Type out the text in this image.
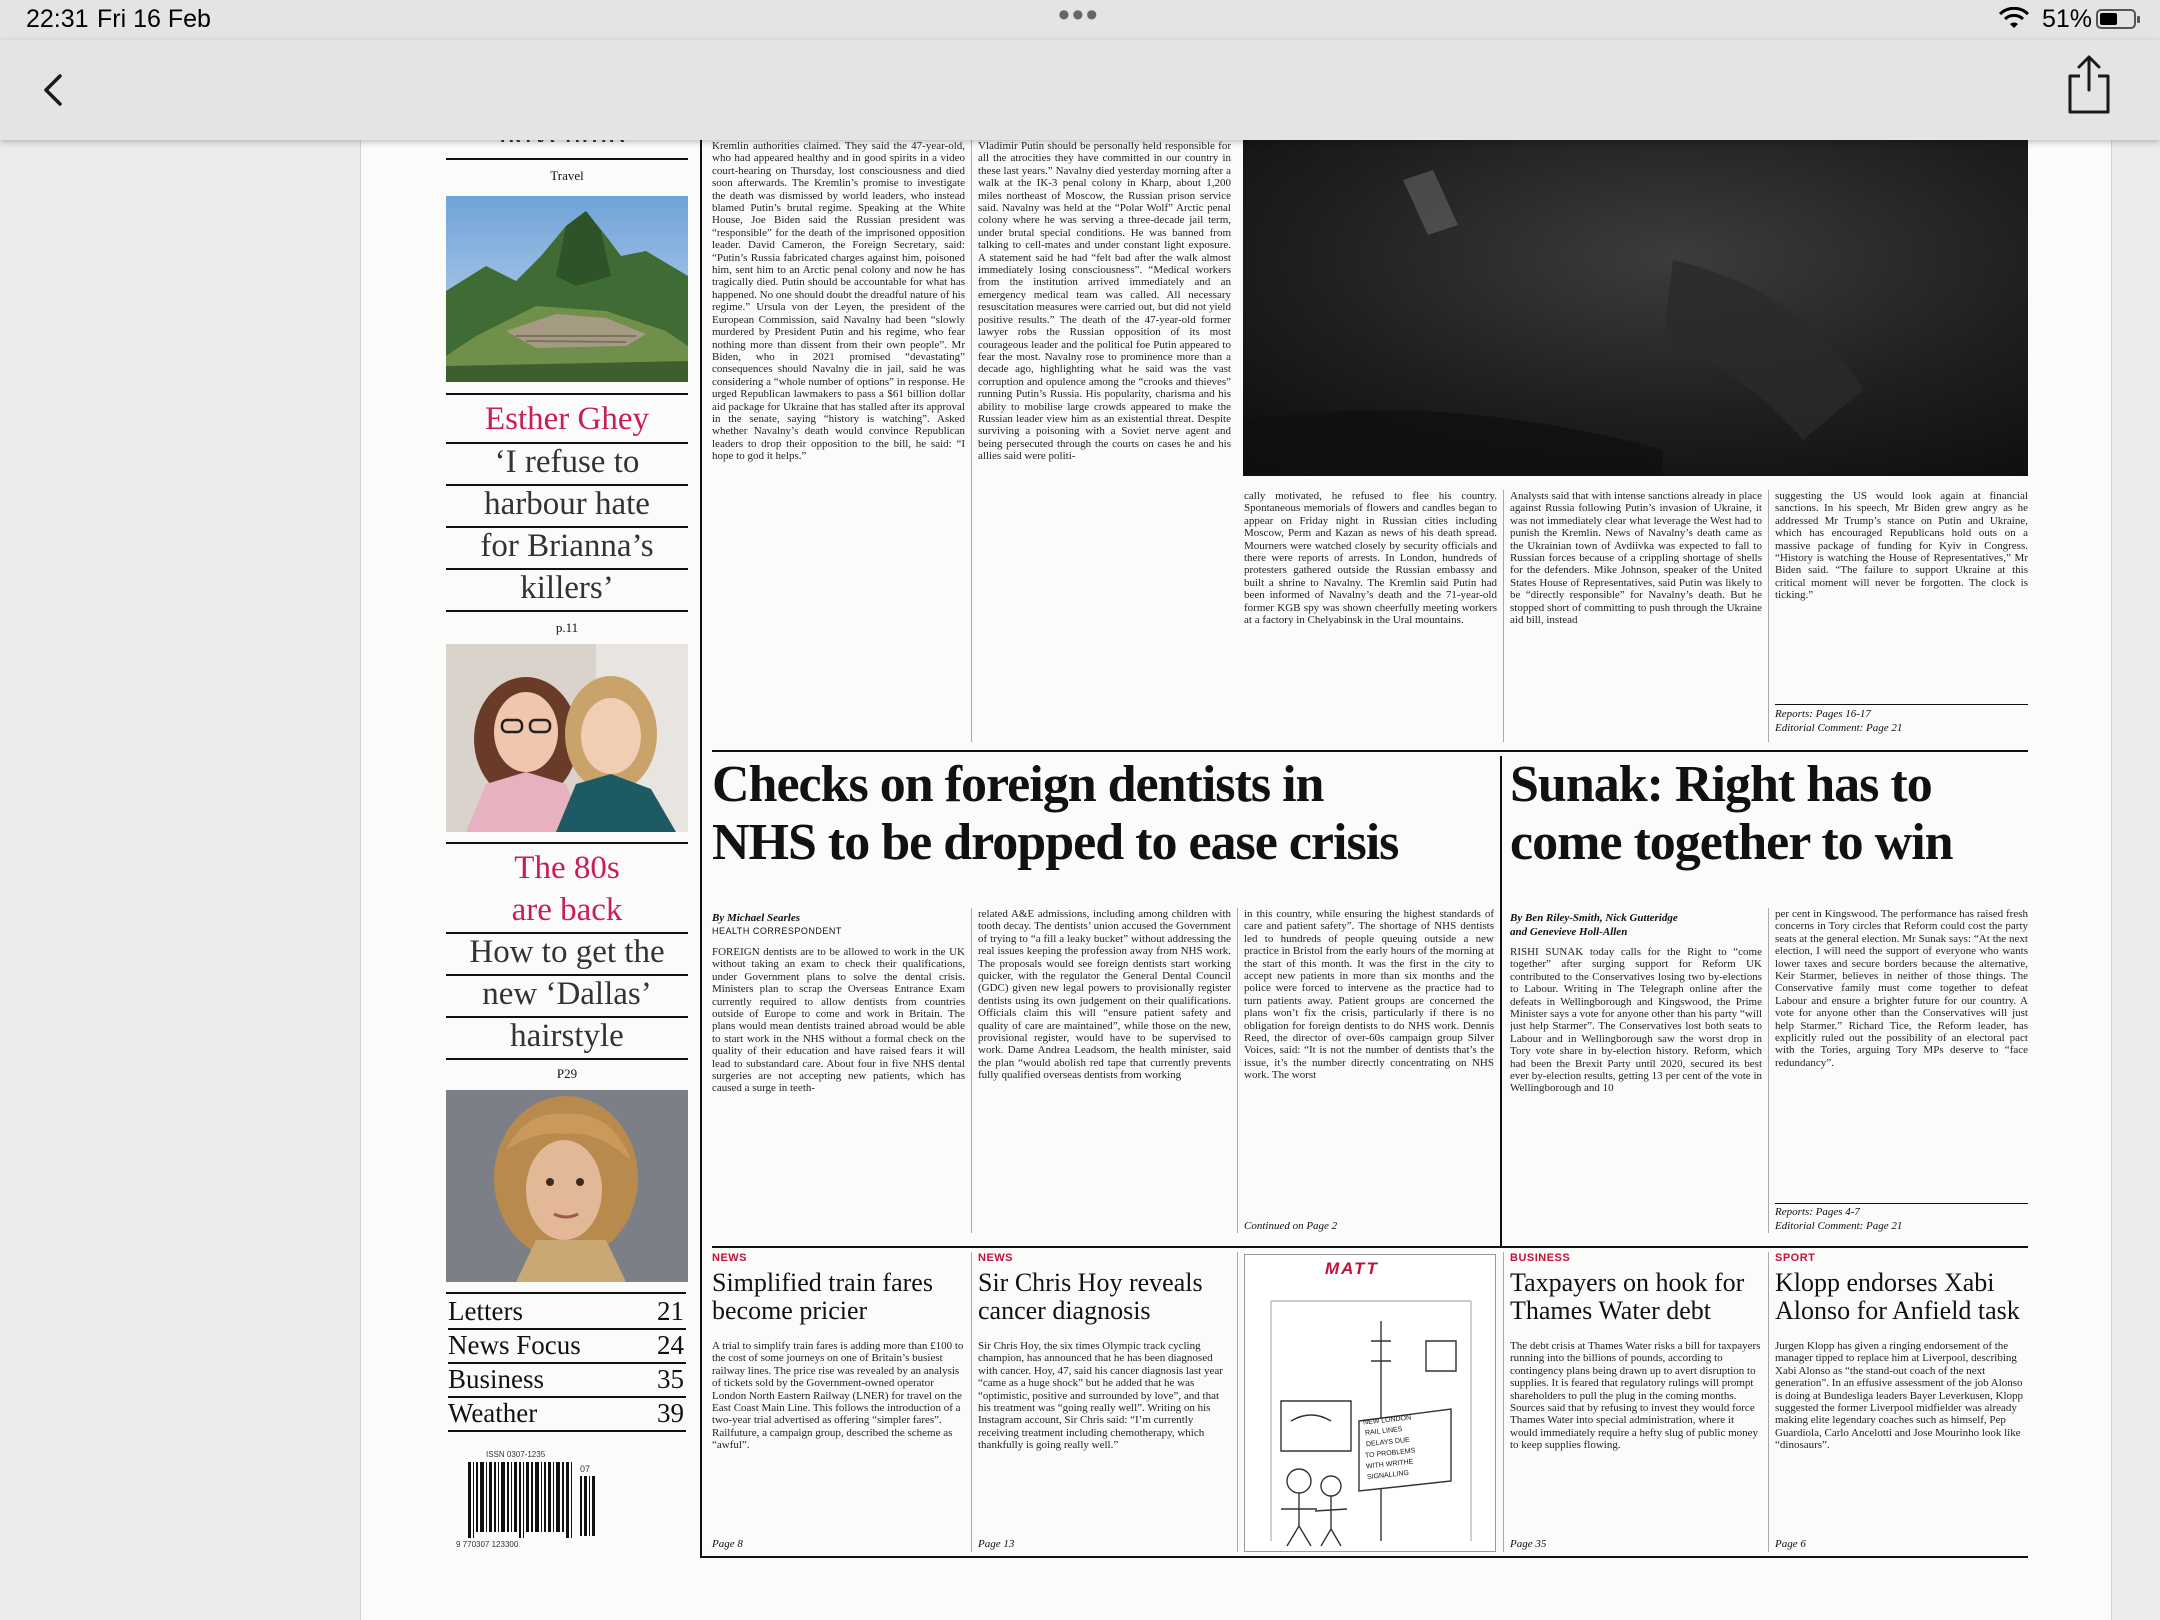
22:31 Fri 16 Feb	•••	51%
Travel
Esther Ghey
‘I refuse to
harbour hate
for Brianna’s
killers’
p.11
The 80s
are back
How to get the
new ‘Dallas’
hairstyle
P29
Letters	21
News Focus	24
Business	35
Weather	39
ISSN 0307-1235
9 770307 123300
07
Kremlin authorities claimed. They said the 47-year-old, who had appeared healthy and in good spirits in a video court-hearing on Thursday, lost consciousness and died soon afterwards. The Kremlin’s promise to investigate the death was dismissed by world leaders, who instead blamed Putin’s brutal regime. Speaking at the White House, Joe Biden said the Russian president was “responsible” for the death of the imprisoned opposition leader. David Cameron, the Foreign Secretary, said: “Putin’s Russia fabricated charges against him, poisoned him, sent him to an Arctic penal colony and now he has tragically died. Putin should be accountable for what has happened. No one should doubt the dreadful nature of his regime.” Ursula von der Leyen, the president of the European Commission, said Navalny had been “slowly murdered by President Putin and his regime, who fear nothing more than dissent from their own people”. Mr Biden, who in 2021 promised “devastating” consequences should Navalny die in jail, said he was considering a “whole number of options” in response. He urged Republican lawmakers to pass a $61 billion dollar aid package for Ukraine that has stalled after its approval in the senate, saying “history is watching”. Asked whether Navalny’s death would convince Republican leaders to drop their opposition to the bill, he said: “I hope to god it helps.”
Vladimir Putin should be personally held responsible for all the atrocities they have committed in our country in these last years.” Navalny died yesterday morning after a walk at the IK-3 penal colony in Kharp, about 1,200 miles northeast of Moscow, the Russian prison service said. Navalny was held at the “Polar Wolf” Arctic penal colony where he was serving a three-decade jail term, under brutal special conditions. He was banned from talking to cell-mates and under constant light exposure. A statement said he had “felt bad after the walk almost immediately losing consciousness”. “Medical workers from the institution arrived immediately and an emergency medical team was called. All necessary resuscitation measures were carried out, but did not yield positive results.” The death of the 47-year-old former lawyer robs the Russian opposition of its most courageous leader and the political foe Putin appeared to fear the most. Navalny rose to prominence more than a decade ago, highlighting what he said was the vast corruption and opulence among the “crooks and thieves” running Putin’s Russia. His popularity, charisma and his ability to mobilise large crowds appeared to make the Russian leader view him as an existential threat. Despite surviving a poisoning with a Soviet nerve agent and being persecuted through the courts on cases he and his allies said were politi-
cally motivated, he refused to flee his country. Spontaneous memorials of flowers and candles began to appear on Friday night in Russian cities including Moscow, Perm and Kazan as news of his death spread. Mourners were watched closely by security officials and there were reports of arrests. In London, hundreds of protesters gathered outside the Russian embassy and built a shrine to Navalny. The Kremlin said Putin had been informed of Navalny’s death and the 71-year-old former KGB spy was shown cheerfully meeting workers at a factory in Chelyabinsk in the Ural mountains.
Analysts said that with intense sanctions already in place against Russia following Putin’s invasion of Ukraine, it was not immediately clear what leverage the West had to punish the Kremlin. News of Navalny’s death came as the Ukrainian town of Avdiivka was expected to fall to Russian forces because of a crippling shortage of shells for the defenders. Mike Johnson, speaker of the United States House of Representatives, said Putin was likely to be “directly responsible” for Navalny’s death. But he stopped short of committing to push through the Ukraine aid bill, instead
suggesting the US would look again at financial sanctions. In his speech, Mr Biden grew angry as he addressed Mr Trump’s stance on Putin and Ukraine, which has encouraged Republicans hold outs on a massive package of funding for Kyiv in Congress. “History is watching the House of Representatives,” Mr Biden said. “The failure to support Ukraine at this critical moment will never be forgotten. The clock is ticking.”
Reports: Pages 16-17
Editorial Comment: Page 21
Checks on foreign dentists in
NHS to be dropped to ease crisis
By Michael Searles
HEALTH CORRESPONDENT
FOREIGN dentists are to be allowed to work in the UK without taking an exam to check their qualifications, under Government plans to solve the dental crisis. Ministers plan to scrap the Overseas Entrance Exam currently required to allow dentists from countries outside of Europe to come and work in Britain. The plans would mean dentists trained abroad would be able to start work in the NHS without a formal check on the quality of their education and have raised fears it will lead to substandard care. About four in five NHS dental surgeries are not accepting new patients, which has caused a surge in teeth-
related A&E admissions, including among children with tooth decay. The dentists’ union accused the Government of trying to “a fill a leaky bucket” without addressing the real issues keeping the profession away from NHS work. The proposals would see foreign dentists start working quicker, with the regulator the General Dental Council (GDC) given new legal powers to provisionally register dentists using its own judgement on their qualifications. Officials claim this will “ensure patient safety and quality of care are maintained”, while those on the new, provisional register, would have to be supervised to work. Dame Andrea Leadsom, the health minister, said the plan “would abolish red tape that currently prevents fully qualified overseas dentists from working
in this country, while ensuring the highest standards of care and patient safety”. The shortage of NHS dentists led to hundreds of people queuing outside a new practice in Bristol from the early hours of the morning at the start of this month. It was the first in the city to accept new patients in more than six months and the police were forced to intervene as the practice had to turn patients away. Patient groups are concerned the plans won’t fix the crisis, particularly if there is no obligation for foreign dentists to do NHS work. Dennis Reed, the director of over-60s campaign group Silver Voices, said: “It is not the number of dentists that’s the issue, it’s the number directly concentrating on NHS work. The worst
Continued on Page 2
Sunak: Right has to
come together to win
By Ben Riley-Smith, Nick Gutteridge
and Genevieve Holl-Allen
RISHI SUNAK today calls for the Right to “come together” after surging support for Reform UK contributed to the Conservatives losing two by-elections to Labour. Writing in The Telegraph online after the defeats in Wellingborough and Kingswood, the Prime Minister says a vote for anyone other than his party “will just help Starmer”. The Conservatives lost both seats to Labour and in Wellingborough saw the worst drop in Tory vote share in by-election history. Reform, which had been the Brexit Party until 2020, secured its best ever by-election results, getting 13 per cent of the vote in Wellingborough and 10
per cent in Kingswood. The performance has raised fresh concerns in Tory circles that Reform could cost the party seats at the general election. Mr Sunak says: “At the next election, I will need the support of everyone who wants lower taxes and secure borders because the alternative, Keir Starmer, believes in neither of those things. The Conservative family must come together to defeat Labour and ensure a brighter future for our country. A vote for anyone other than the Conservatives will just help Starmer.” Richard Tice, the Reform leader, has explicitly ruled out the possibility of an electoral pact with the Tories, arguing Tory MPs deserve to “face redundancy”.
Reports: Pages 4-7
Editorial Comment: Page 21
NEWS
Simplified train fares
become pricier
A trial to simplify train fares is adding more than £100 to the cost of some journeys on one of Britain’s busiest railway lines. The price rise was revealed by an analysis of tickets sold by the Government-owned operator London North Eastern Railway (LNER) for travel on the East Coast Main Line. This follows the introduction of a two-year trial advertised as offering “simpler fares”. Railfuture, a campaign group, described the scheme as “awful”.
Page 8
NEWS
Sir Chris Hoy reveals
cancer diagnosis
Sir Chris Hoy, the six times Olympic track cycling champion, has announced that he has been diagnosed with cancer. Hoy, 47, said his cancer diagnosis last year “came as a huge shock” but he added that he was “optimistic, positive and surrounded by love”, and that his treatment was “going really well”. Writing on his Instagram account, Sir Chris said: “I’m currently receiving treatment including chemotherapy, which thankfully is going really well.”
Page 13
MATT
NEW LONDON
RAIL LINES
DELAYS DUE
TO PROBLEMS
WITH WRITHE
SIGNALLING
BUSINESS
Taxpayers on hook for
Thames Water debt
The debt crisis at Thames Water risks a bill for taxpayers running into the billions of pounds, according to contingency plans being drawn up to avert disruption to supplies. It is feared that regulatory rulings will prompt shareholders to pull the plug in the coming months. Sources said that by refusing to invest they would force Thames Water into special administration, where it would immediately require a hefty slug of public money to keep supplies flowing.
Page 35
SPORT
Klopp endorses Xabi
Alonso for Anfield task
Jurgen Klopp has given a ringing endorsement of the manager tipped to replace him at Liverpool, describing Xabi Alonso as “the stand-out coach of the next generation”. In an effusive assessment of the job Alonso is doing at Bundesliga leaders Bayer Leverkusen, Klopp suggested the former Liverpool midfielder was already making elite legendary coaches such as himself, Pep Guardiola, Carlo Ancelotti and Jose Mourinho look like “dinosaurs”.
Page 6
